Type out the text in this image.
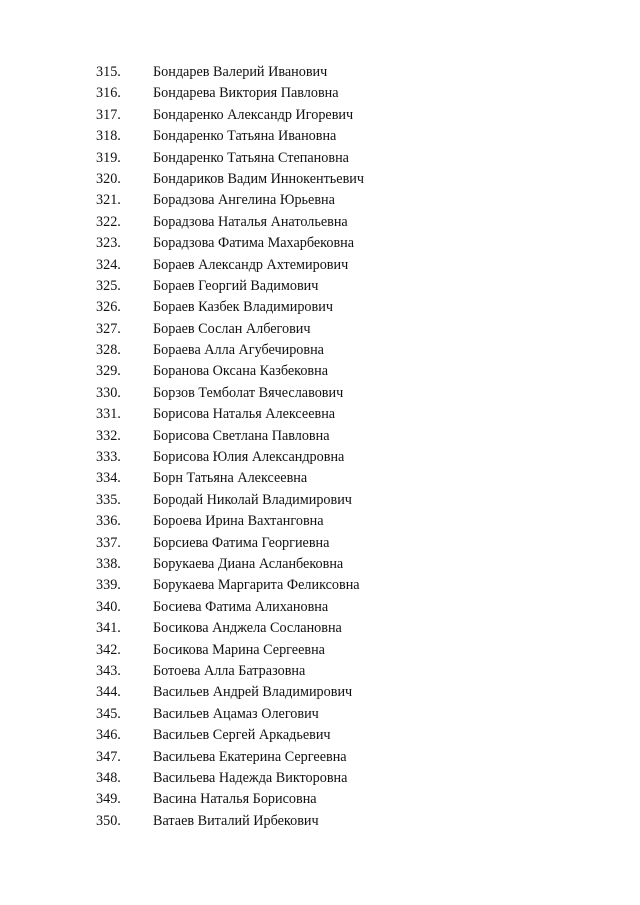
315. Бондарев Валерий Иванович
316. Бондарева Виктория Павловна
317. Бондаренко Александр Игоревич
318. Бондаренко Татьяна Ивановна
319. Бондаренко Татьяна Степановна
320. Бондариков Вадим Иннокентьевич
321. Борадзова Ангелина Юрьевна
322. Борадзова Наталья Анатольевна
323. Борадзова Фатима Махарбековна
324. Бораев Александр Ахтемирович
325. Бораев Георгий Вадимович
326. Бораев Казбек Владимирович
327. Бораев Сослан Албегович
328. Бораева Алла Агубечировна
329. Боранова Оксана Казбековна
330. Борзов Темболат Вячеславович
331. Борисова Наталья Алексеевна
332. Борисова Светлана Павловна
333. Борисова Юлия Александровна
334. Борн Татьяна Алексеевна
335. Бородай Николай Владимирович
336. Бороева Ирина Вахтанговна
337. Борсиева Фатима Георгиевна
338. Борукаева Диана Асланбековна
339. Борукаева Маргарита Феликсовна
340. Босиева Фатима Алихановна
341. Босикова Анджела Сослановна
342. Босикова Марина Сергеевна
343. Ботоева Алла Батразовна
344. Васильев Андрей Владимирович
345. Васильев Ацамаз Олегович
346. Васильев Сергей Аркадьевич
347. Васильева Екатерина Сергеевна
348. Васильева Надежда Викторовна
349. Васина Наталья Борисовна
350. Ватаев Виталий Ирбекович
